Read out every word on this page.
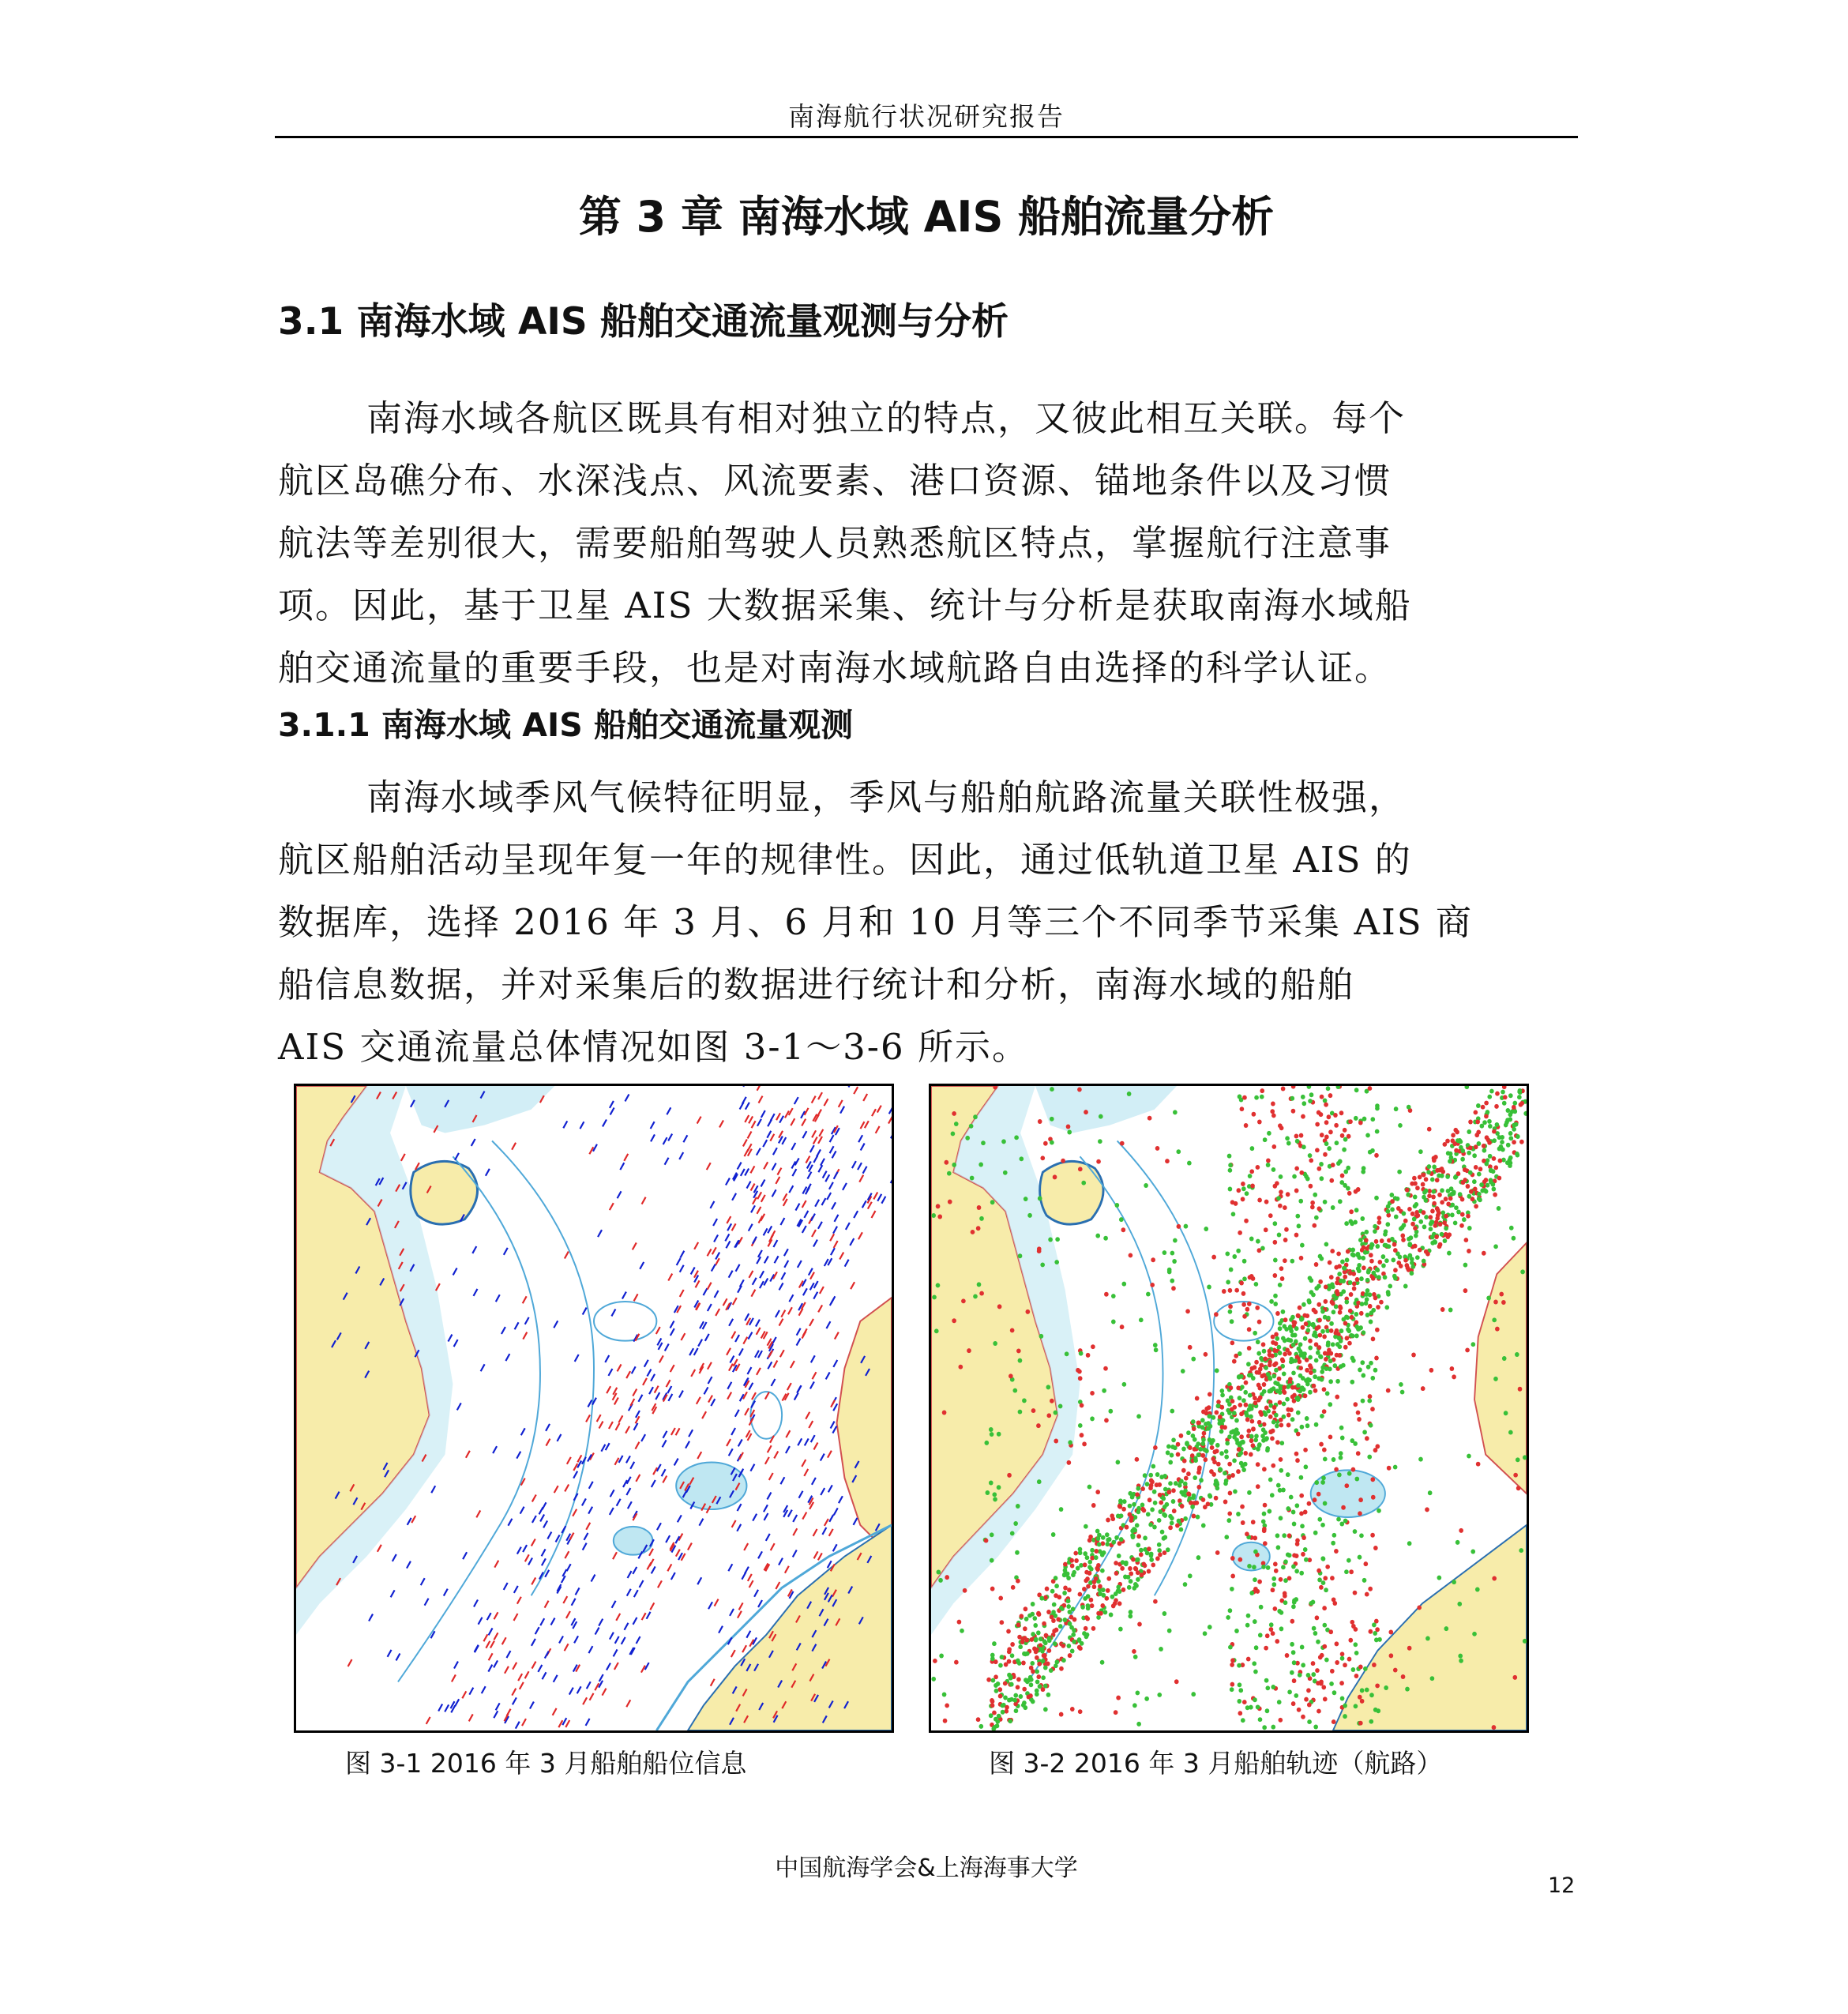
南海航行状况研究报告
第 3 章 南海水域 AIS 船舶流量分析
3.1 南海水域 AIS 船舶交通流量观测与分析

南海水域各航区既具有相对独立的特点，又彼此相互关联。每个
航区岛礁分布、水深浅点、风流要素、港口资源、锚地条件以及习惯
航法等差别很大，需要船舶驾驶人员熟悉航区特点，掌握航行注意事
项。因此，基于卫星 AIS 大数据采集、统计与分析是获取南海水域船
舶交通流量的重要手段，也是对南海水域航路自由选择的科学认证。

3.1.1 南海水域 AIS 船舶交通流量观测

南海水域季风气候特征明显，季风与船舶航路流量关联性极强，
航区船舶活动呈现年复一年的规律性。因此，通过低轨道卫星 AIS 的
数据库，选择 2016 年 3 月、6 月和 10 月等三个不同季节采集 AIS 商
船信息数据，并对采集后的数据进行统计和分析，南海水域的船舶
AIS 交通流量总体情况如图 3-1～3-6 所示。

图 3-1 2016 年 3 月船舶船位信息	图 3-2 2016 年 3 月船舶轨迹（航路）
中国航海学会&上海海事大学
12
